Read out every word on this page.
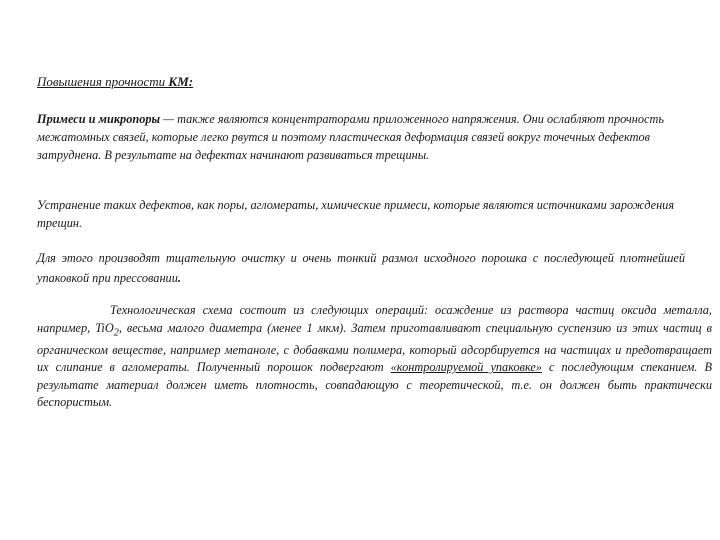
Повышения прочности КМ:
Примеси и микропоры — также являются концентраторами приложенного напряжения. Они ослабляют прочность межатомных связей, которые легко рвутся и поэтому пластическая деформация связей вокруг точечных дефектов затруднена. В результате на дефектах начинают развиваться трещины.
Устранение таких дефектов, как поры, агломераты, химические примеси, которые являются источниками зарождения трещин.
Для этого производят тщательную очистку и очень тонкий размол исходного порошка с последующей плотнейшей упаковкой при прессовании.
Технологическая схема состоит из следующих операций: осаждение из раствора частиц оксида металла, например, TiO$_2$, весьма малого диаметра (менее 1 мкм). Затем приготавливают специальную суспензию из этих частиц в органическом веществе, например метаноле, с добавками полимера, который адсорбируется на частицах и предотвращает их слипание в агломераты. Полученный порошок подвергают «контролируемой упаковке» с последующим спеканием. В результате материал должен иметь плотность, совпадающую с теоретической, т.е. он должен быть практически беспористым.
